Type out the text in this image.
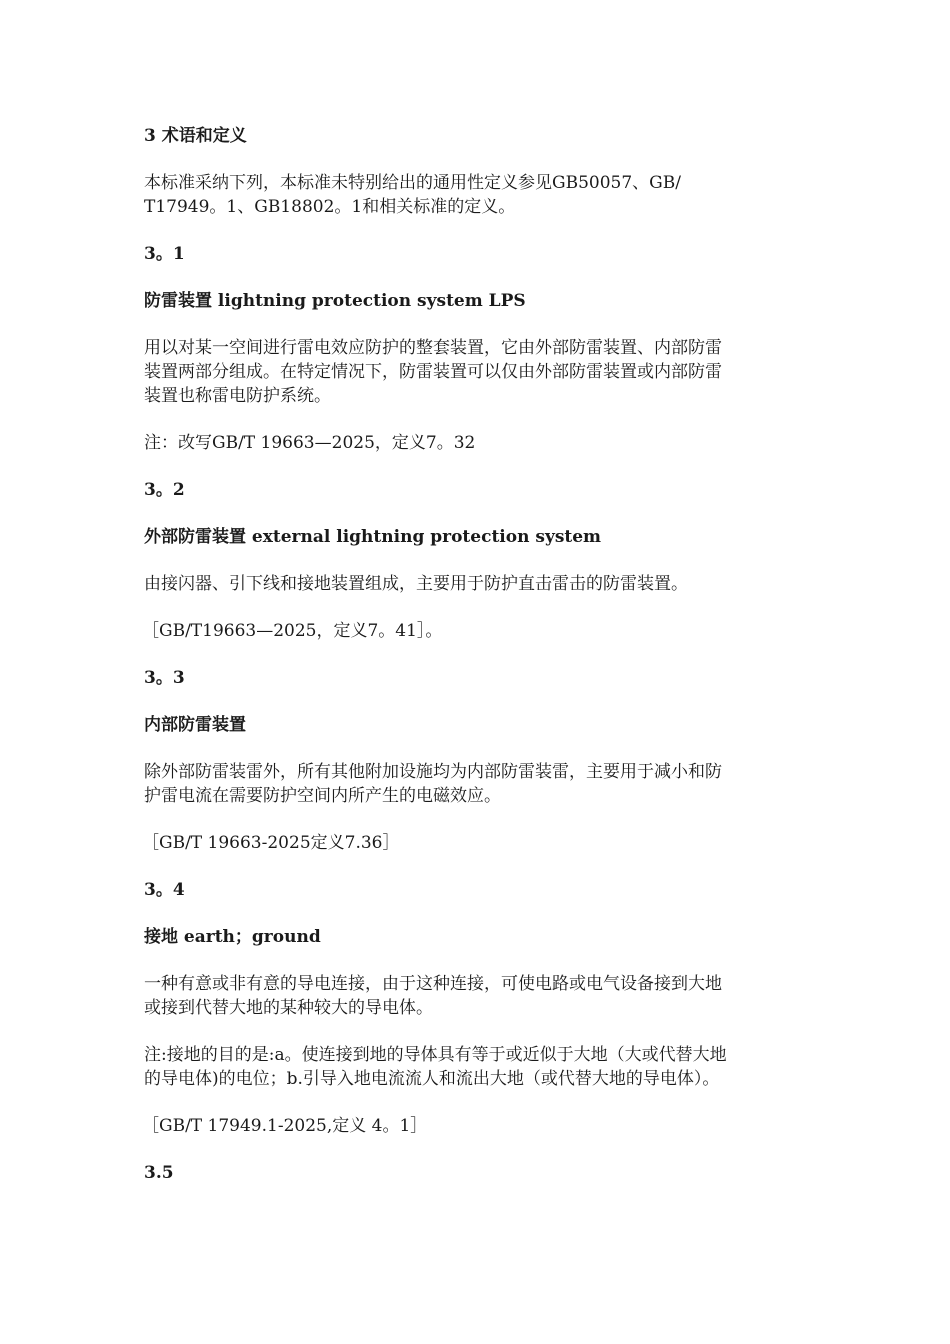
3 术语和定义

本标准采纳下列，本标准未特别给出的通用性定义参见GB50057、GB/
T17949。1、GB18802。1和相关标准的定义。

3。1

防雷装置 lightning protection system LPS

用以对某一空间进行雷电效应防护的整套装置，它由外部防雷装置、内部防雷
装置两部分组成。在特定情况下，防雷装置可以仅由外部防雷装置或内部防雷
装置也称雷电防护系统。

注：改写GB/T 19663—2025，定义7。32

3。2

外部防雷装置 external lightning protection system

由接闪器、引下线和接地装置组成，主要用于防护直击雷击的防雷装置。

［GB/T19663—2025，定义7。41］。

3。3

内部防雷装置

除外部防雷装雷外，所有其他附加设施均为内部防雷装雷，主要用于减小和防
护雷电流在需要防护空间内所产生的电磁效应。

［GB/T 19663-2025定义7.36］

3。4

接地 earth；ground

一种有意或非有意的导电连接，由于这种连接，可使电路或电气设备接到大地
或接到代替大地的某种较大的导电体。

注:接地的目的是:a。使连接到地的导体具有等于或近似于大地（大或代替大地
的导电体)的电位；b.引导入地电流流人和流出大地（或代替大地的导电体）。

［GB/T 17949.1-2025,定义 4。1］

3.5
